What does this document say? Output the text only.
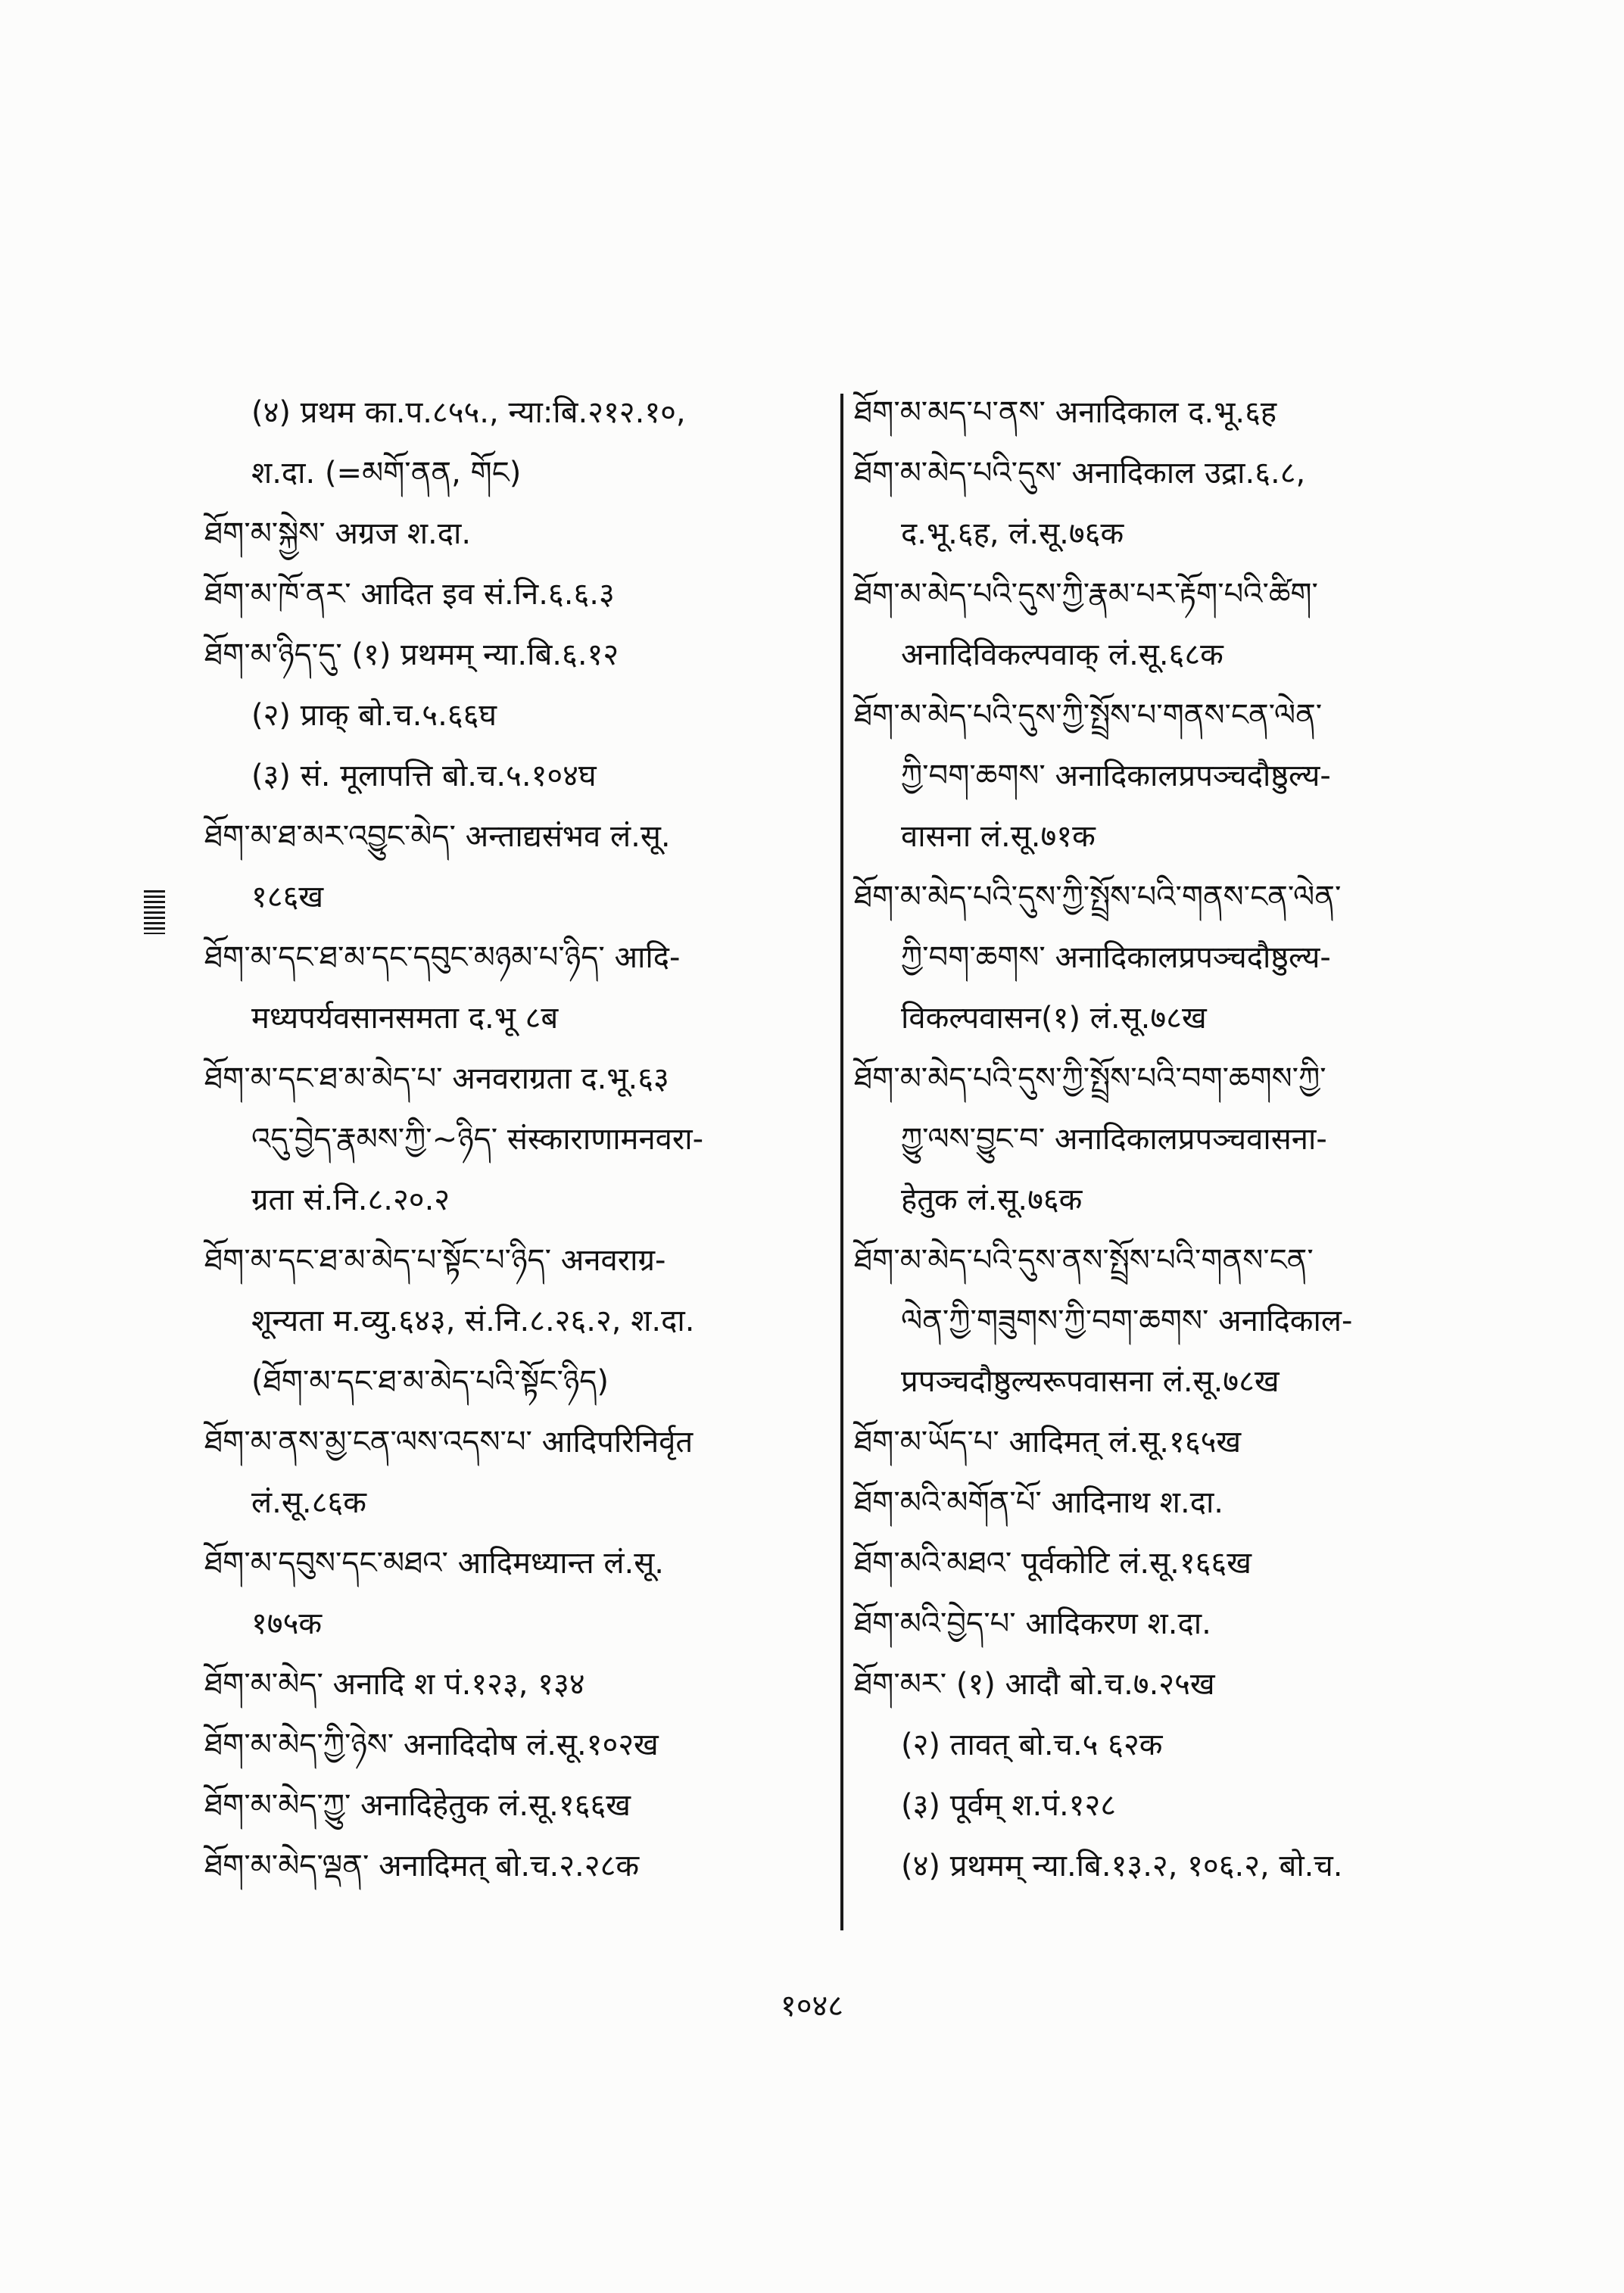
(४) प्रथम का.प.८५५., न्या:बि.२१२.१०,

श.दा. (=མགོ་ནན, གོང)

ཐོག་མ་སྐྱེས་ अग्रज श.दा.

ཐོག་མ་ཁོ་ནར་ आदित इव सं.नि.६.६.३

ཐོག་མ་ཉིད་དུ་ (१) प्रथमम् न्या.बि.६.१२

(२) प्राक् बो.च.५.६६घ

(३) सं. मूलापत्ति बो.च.५.१०४घ

ཐོག་མ་ཐ་མར་འབྱུང་མེད་ अन्ताद्यसंभव लं.सू.

१८६ख

ཐོག་མ་དང་ཐ་མ་དང་དབུང་མཉམ་པ་ཉིད་ आदि-

मध्यपर्यवसानसमता द.भू ८ब

ཐོག་མ་དང་ཐ་མ་མེད་པ་ अनवराग्रता द.भू.६३

འདུ་བྱེད་རྣམས་ཀྱི་~ཉིད་ संस्काराणामनवरा-

ग्रता सं.नि.८.२०.२

ཐོག་མ་དང་ཐ་མ་མེད་པ་སྟོང་པ་ཉིད་ अनवराग्र-

शून्यता म.व्यु.६४३, सं.नि.८.२६.२, श.दा.

(ཐོག་མ་དང་ཐ་མ་མེད་པའི་སྟོང་ཉིད)

ཐོག་མ་ནས་མྱ་ངན་ལས་འདས་པ་ आदिपरिनिर्वृत

लं.सू.८६क

ཐོག་མ་དབུས་དང་མཐའ་ आदिमध्यान्त लं.सू.

१७५क

ཐོག་མ་མེད་ अनादि श पं.१२३, १३४

ཐོག་མ་མེད་ཀྱི་ཉེས་ अनादिदोष लं.सू.१०२ख

ཐོག་མ་མེད་ཀྱུ་ अनादिहेतुक लं.सू.१६६ख

ཐོག་མ་མེད་ལྡན་ अनादिमत् बो.च.२.२८क

ཐོག་མ་མད་པ་ནས་ अनादिकाल द.भू.६ह

ཐོག་མ་མེད་པའི་དུས་ अनादिकाल उद्रा.६.८,

द.भू.६ह, लं.सू.७६क

ཐོག་མ་མེད་པའི་དུས་ཀྱི་རྣམ་པར་རྟོག་པའི་ཚིག་

अनादिविकल्पवाक् लं.सू.६८क

ཐོག་མ་མེད་པའི་དུས་ཀྱི་སྤྲོས་པ་གནས་ངན་ལེན་

ཀྱི་བག་ཆགས་ अनादिकालप्रपञ्चदौष्ठुल्य-

वासना लं.सू.७१क

ཐོག་མ་མེད་པའི་དུས་ཀྱི་སྤྲོས་པའི་གནས་ངན་ལེན་

ཀྱི་བག་ཆགས་ अनादिकालप्रपञ्चदौष्ठुल्य-

विकल्पवासन(१) लं.सू.७८ख

ཐོག་མ་མེད་པའི་དུས་ཀྱི་སྤྲོས་པའི་བག་ཆགས་ཀྱི་

ཀྱུ་ལས་བྱུང་བ་ अनादिकालप्रपञ्चवासना-

हेतुक लं.सू.७६क

ཐོག་མ་མེད་པའི་དུས་ནས་སྤྲོས་པའི་གནས་ངན་

ལེན་ཀྱི་གཟུགས་ཀྱི་བག་ཆགས་ अनादिकाल-

प्रपञ्चदौष्ठुल्यरूपवासना लं.सू.७८ख

ཐོག་མ་ཡོད་པ་ आदिमत् लं.सू.१६५ख

ཐོག་མའི་མགོན་པོ་ आदिनाथ श.दा.

ཐོག་མའི་མཐའ་ पूर्वकोटि लं.सू.१६६ख

ཐོག་མའི་བྱེད་པ་ आदिकरण श.दा.

ཐོག་མར་ (१) आदौ बो.च.७.२५ख

(२) तावत् बो.च.५ ६२क

(३) पूर्वम् श.पं.१२८

(४) प्रथमम् न्या.बि.१३.२, १०६.२, बो.च.

१०४८
